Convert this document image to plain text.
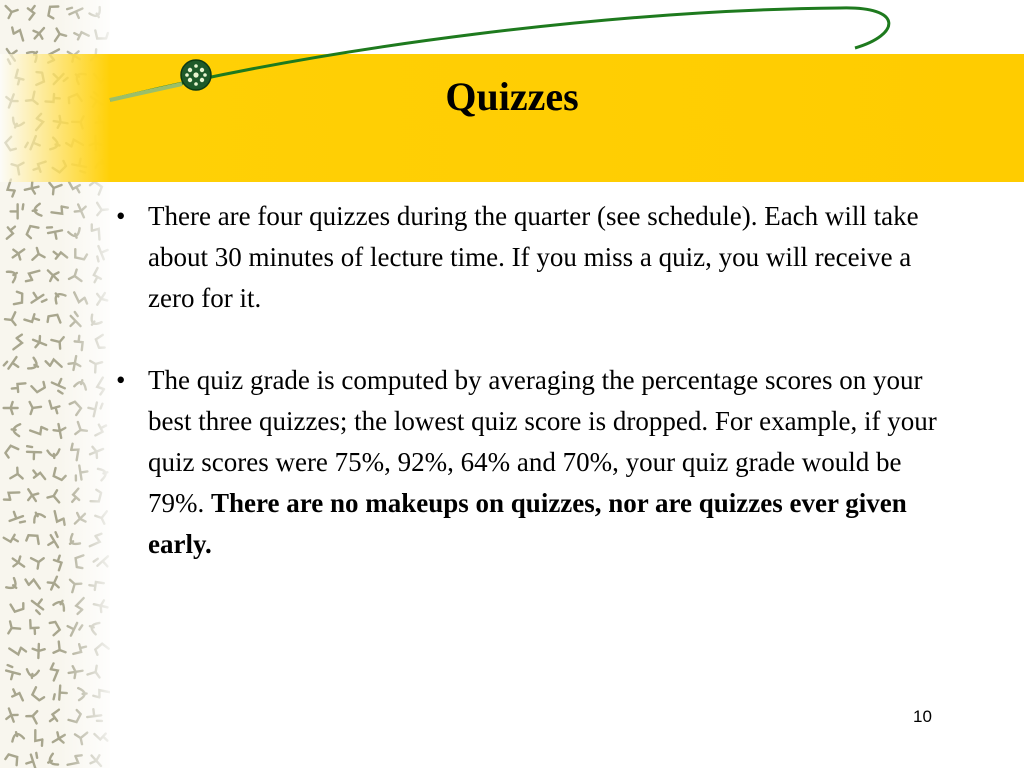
Quizzes
• There are four quizzes during the quarter (see schedule). Each will take about 30 minutes of lecture time. If you miss a quiz, you will receive a zero for it.
• The quiz grade is computed by averaging the percentage scores on your best three quizzes; the lowest quiz score is dropped. For example, if your quiz scores were 75%, 92%, 64% and 70%, your quiz grade would be 79%. There are no makeups on quizzes, nor are quizzes ever given early.
10
